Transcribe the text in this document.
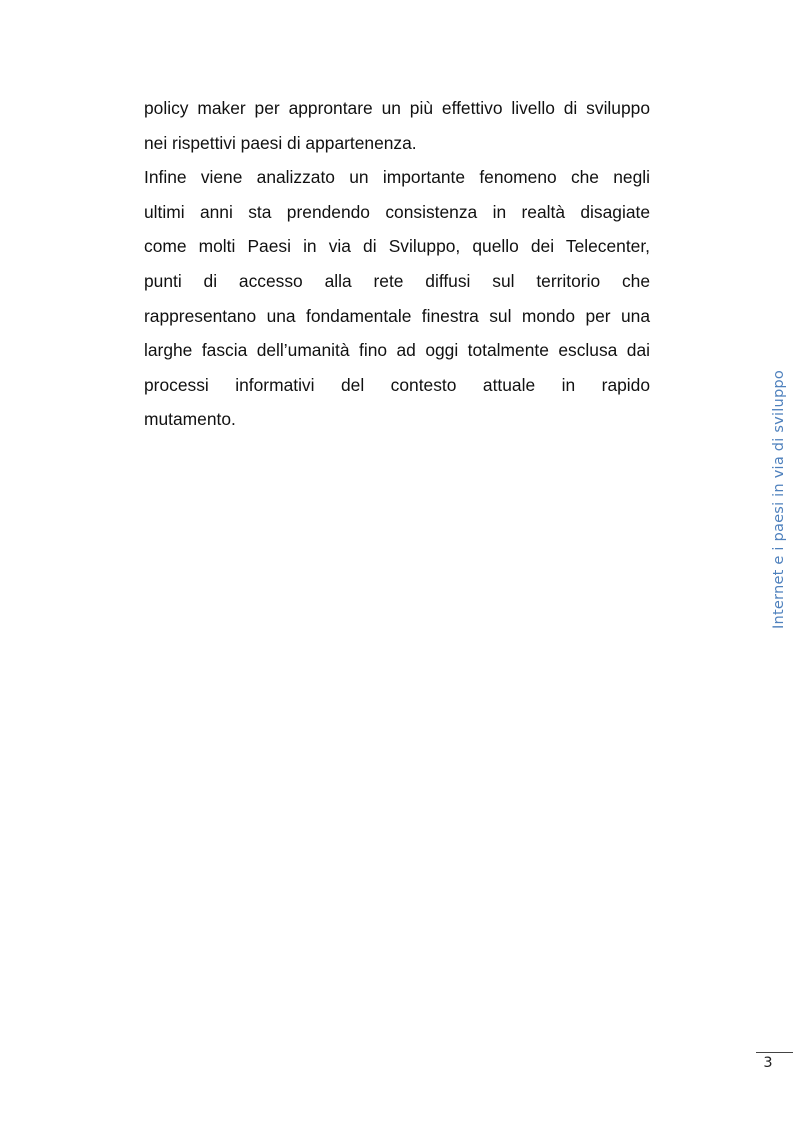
policy maker per approntare un più effettivo livello di sviluppo
nei rispettivi paesi di appartenenza.
Infine viene analizzato un importante fenomeno che negli
ultimi anni sta prendendo consistenza in realtà disagiate
come molti Paesi in via di Sviluppo, quello dei Telecenter,
punti di accesso alla rete diffusi sul territorio che
rappresentano una fondamentale finestra sul mondo per una
larghe fascia dell’umanità fino ad oggi totalmente esclusa dai
processi informativi del contesto attuale in rapido
mutamento.	Internet e i paesi in via di sviluppo
3
